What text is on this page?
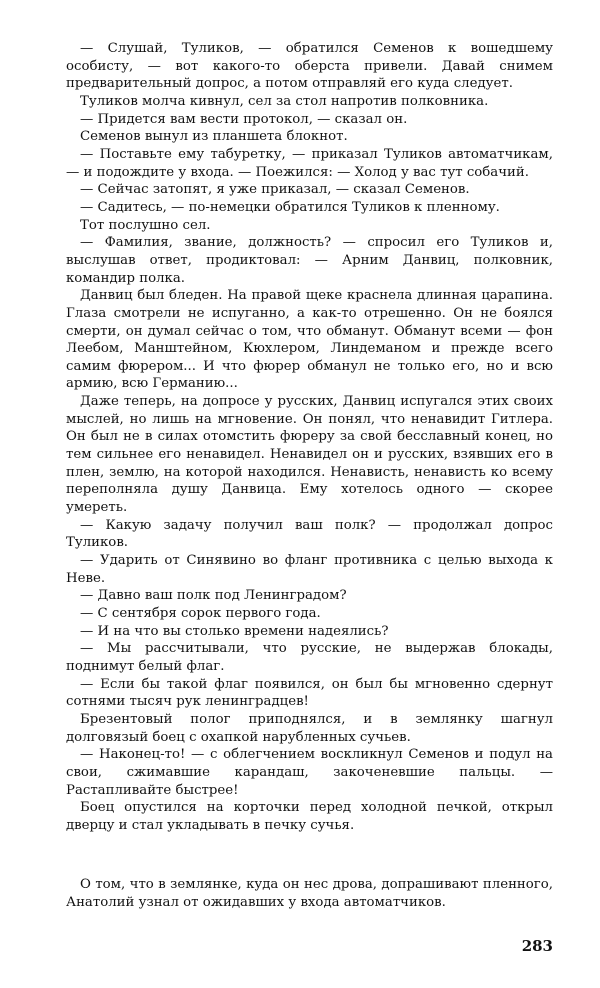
— Слушай, Туликов, — обратился Семенов к вошедшему особисту, — вот какого-то оберста привели. Давай снимем предварительный допрос, а потом отправляй его куда следует.

Туликов молча кивнул, сел за стол напротив полковника.

— Придется вам вести протокол, — сказал он.

Семенов вынул из планшета блокнот.

— Поставьте ему табуретку, — приказал Туликов автоматчикам, — и подождите у входа. — Поежился: — Холод у вас тут собачий.

— Сейчас затопят, я уже приказал, — сказал Семенов.

— Садитесь, — по-немецки обратился Туликов к пленному.

Тот послушно сел.

— Фамилия, звание, должность? — спросил его Туликов и, выслушав ответ, продиктовал: — Арним Данвиц, полковник, командир полка.

Данвиц был бледен. На правой щеке краснела длинная царапина. Глаза смотрели не испуганно, а как-то отрешенно. Он не боялся смерти, он думал сейчас о том, что обманут. Обманут всеми — фон Леебом, Манштейном, Кюхлером, Линдеманом и прежде всего самим фюрером... И что фюрер обманул не только его, но и всю армию, всю Германию...

Даже теперь, на допросе у русских, Данвиц испугался этих своих мыслей, но лишь на мгновение. Он понял, что ненавидит Гитлера. Он был не в силах отомстить фюреру за свой бесславный конец, но тем сильнее его ненавидел. Ненавидел он и русских, взявших его в плен, землю, на которой находился. Ненависть, ненависть ко всему переполняла душу Данвица. Ему хотелось одного — скорее умереть.

— Какую задачу получил ваш полк? — продолжал допрос Туликов.

— Ударить от Синявино во фланг противника с целью выхода к Неве.

— Давно ваш полк под Ленинградом?

— С сентября сорок первого года.

— И на что вы столько времени надеялись?

— Мы рассчитывали, что русские, не выдержав блокады, поднимут белый флаг.

— Если бы такой флаг появился, он был бы мгновенно сдернут сотнями тысяч рук ленинградцев!

Брезентовый полог приподнялся, и в землянку шагнул долговязый боец с охапкой нарубленных сучьев.

— Наконец-то! — с облегчением воскликнул Семенов и подул на свои, сжимавшие карандаш, закоченевшие пальцы. — Растапливайте быстрее!

Боец опустился на корточки перед холодной печкой, открыл дверцу и стал укладывать в печку сучья.

О том, что в землянке, куда он нес дрова, допрашивают пленного, Анатолий узнал от ожидавших у входа автоматчиков.

283
